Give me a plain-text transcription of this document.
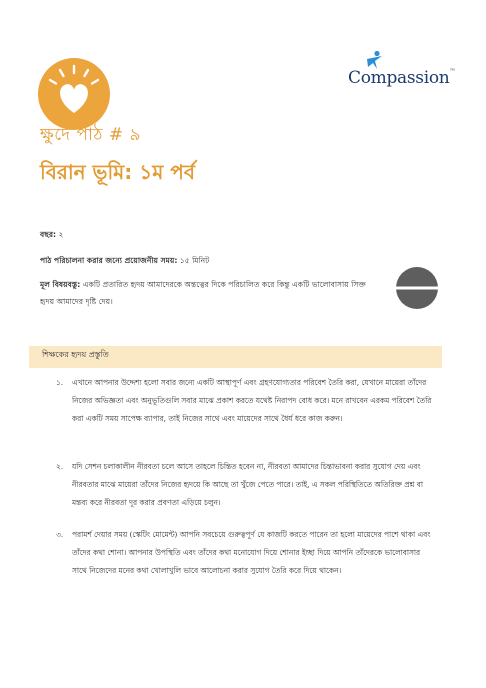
Compassion™
ক্ষুদে পাঠ # ৯
বিরান ভূমি: ১ম পর্ব
বছর: ২
পাঠ পরিচালনা করার জন্যে প্রয়োজনীয় সময়: ১৫ মিনিট
মূল বিষয়বস্তু: একটি প্রতারিত হৃদয় আমাদেরকে অন্তত্বের দিকে পরিচালিত করে কিন্তু একটি ভালোবাসায় সিক্ত হৃদয় আমাদের দৃষ্টি দেয়।
শিক্ষকের হৃদয় প্রস্তুতি
১. এখানে আপনার উদ্দেশ্য হলো সবার জন্যে একটি আস্থাপূর্ণ এবং গ্রহণযোগ্যতার পরিবেশ তৈরি করা, যেখানে মায়েরা তাঁদের নিজের অভিজ্ঞতা এবং অনুভূতিগুলি সবার মাঝে প্রকাশ করতে যথেষ্ট নিরাপদ বোধ করে। মনে রাখবেন এরকম পরিবেশ তৈরি করা একটি সময় সাপেক্ষ ব্যাপার, তাই নিজের সাথে এবং মায়েদের সাথে ধৈর্য ধরে কাজ করুন।
২. যদি সেশন চলাকালীন নীরবতা চলে আসে তাহলে চিন্তিত হবেন না, নীরবতা আমাদের চিন্তাভাবনা করার সুযোগ দেয় এবং নীরবতার মাঝে মায়েরা তাঁদের নিজের হৃদয়ে কি আছে তা খুঁজে পেতে পারে। তাই, এ সকল পরিস্থিতিতে অতিরিক্ত প্রশ্ন বা মন্তব্য করে নীরবতা দূর করার প্রবণতা এড়িয়ে চলুন।
৩. পরামর্শ দেয়ার সময় (স্কেটিং মোমেন্ট) আপনি সবচেয়ে গুরুত্বপূর্ণ যে কাজটি করতে পারেন তা হলো মায়েদের পাশে থাকা এবং তাঁদের কথা শোনা। আপনার উপস্থিতি এবং তাঁদের কথা মনোযোগ দিয়ে শোনার ইচ্ছা দিয়ে আপনি তাঁদেরকে ভালোবাসার সাথে নিজেদের মনের কথা খোলাখুলি ভাবে আলোচনা করার সুযোগ তৈরি করে দিয়ে থাকেন।
